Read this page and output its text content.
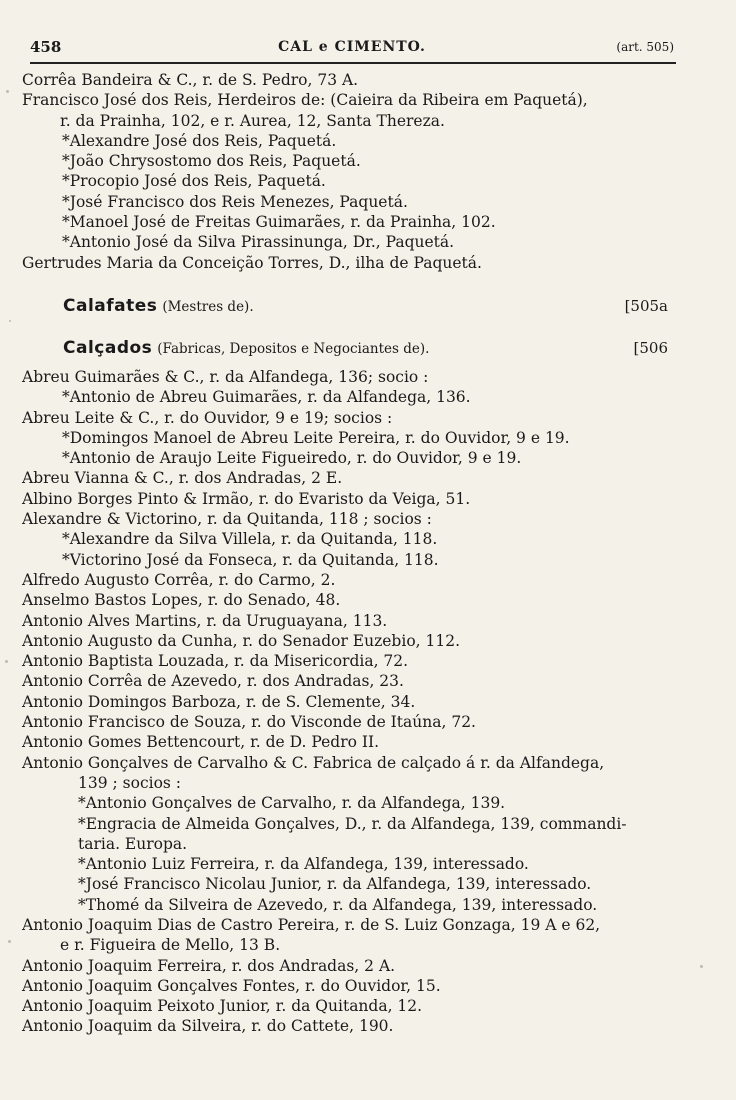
458	CAL e CIMENTO.	(art. 505)
Corrêa Bandeira & C., r. de S. Pedro, 73 A.
Francisco José dos Reis, Herdeiros de: (Caieira da Ribeira em Paquetá),
r. da Prainha, 102, e r. Aurea, 12, Santa Thereza.
*Alexandre José dos Reis, Paquetá.
*João Chrysostomo dos Reis, Paquetá.
*Procopio José dos Reis, Paquetá.
*José Francisco dos Reis Menezes, Paquetá.
*Manoel José de Freitas Guimarães, r. da Prainha, 102.
*Antonio José da Silva Pirassinunga, Dr., Paquetá.
Gertrudes Maria da Conceição Torres, D., ilha de Paquetá.
Calafates (Mestres de).	[505a
Calçados (Fabricas, Depositos e Negociantes de).	[506
Abreu Guimarães & C., r. da Alfandega, 136; socio :
*Antonio de Abreu Guimarães, r. da Alfandega, 136.
Abreu Leite & C., r. do Ouvidor, 9 e 19; socios :
*Domingos Manoel de Abreu Leite Pereira, r. do Ouvidor, 9 e 19.
*Antonio de Araujo Leite Figueiredo, r. do Ouvidor, 9 e 19.
Abreu Vianna & C., r. dos Andradas, 2 E.
Albino Borges Pinto & Irmão, r. do Evaristo da Veiga, 51.
Alexandre & Victorino, r. da Quitanda, 118 ; socios :
*Alexandre da Silva Villela, r. da Quitanda, 118.
*Victorino José da Fonseca, r. da Quitanda, 118.
Alfredo Augusto Corrêa, r. do Carmo, 2.
Anselmo Bastos Lopes, r. do Senado, 48.
Antonio Alves Martins, r. da Uruguayana, 113.
Antonio Augusto da Cunha, r. do Senador Euzebio, 112.
Antonio Baptista Louzada, r. da Misericordia, 72.
Antonio Corrêa de Azevedo, r. dos Andradas, 23.
Antonio Domingos Barboza, r. de S. Clemente, 34.
Antonio Francisco de Souza, r. do Visconde de Itaúna, 72.
Antonio Gomes Bettencourt, r. de D. Pedro II.
Antonio Gonçalves de Carvalho & C. Fabrica de calçado á r. da Alfandega,
139 ; socios :
*Antonio Gonçalves de Carvalho, r. da Alfandega, 139.
*Engracia de Almeida Gonçalves, D., r. da Alfandega, 139, commandi-
taria. Europa.
*Antonio Luiz Ferreira, r. da Alfandega, 139, interessado.
*José Francisco Nicolau Junior, r. da Alfandega, 139, interessado.
*Thomé da Silveira de Azevedo, r. da Alfandega, 139, interessado.
Antonio Joaquim Dias de Castro Pereira, r. de S. Luiz Gonzaga, 19 A e 62,
e r. Figueira de Mello, 13 B.
Antonio Joaquim Ferreira, r. dos Andradas, 2 A.
Antonio Joaquim Gonçalves Fontes, r. do Ouvidor, 15.
Antonio Joaquim Peixoto Junior, r. da Quitanda, 12.
Antonio Joaquim da Silveira, r. do Cattete, 190.
